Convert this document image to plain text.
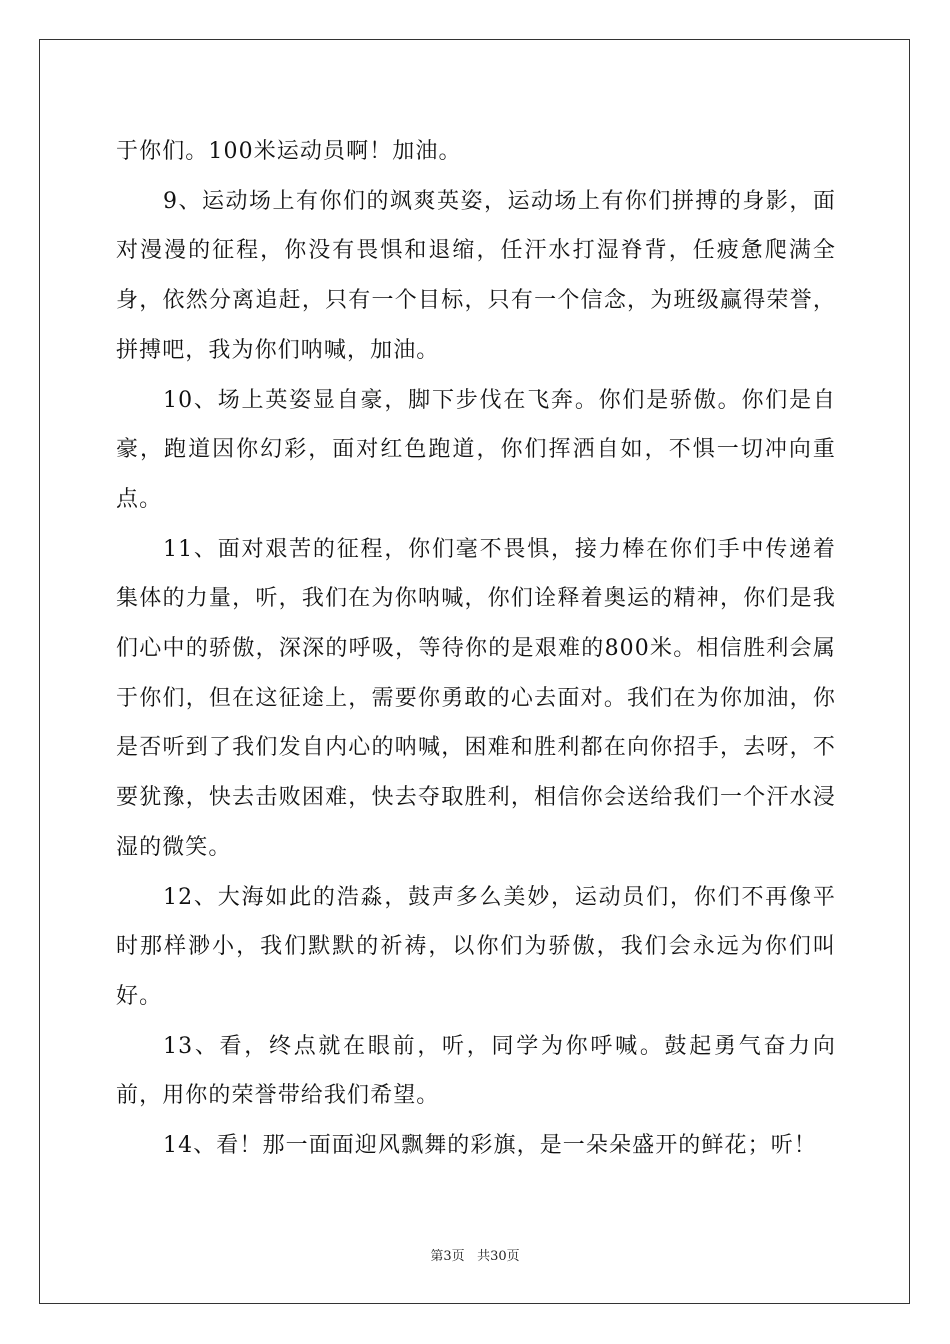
于你们。100米运动员啊！加油。

9、运动场上有你们的飒爽英姿，运动场上有你们拼搏的身影，面对漫漫的征程，你没有畏惧和退缩，任汗水打湿脊背，任疲惫爬满全身，依然分离追赶，只有一个目标，只有一个信念，为班级赢得荣誉，拼搏吧，我为你们呐喊，加油。

10、场上英姿显自豪，脚下步伐在飞奔。你们是骄傲。你们是自豪，跑道因你幻彩，面对红色跑道，你们挥洒自如，不惧一切冲向重点。

11、面对艰苦的征程，你们毫不畏惧，接力棒在你们手中传递着集体的力量，听，我们在为你呐喊，你们诠释着奥运的精神，你们是我们心中的骄傲，深深的呼吸，等待你的是艰难的800米。相信胜利会属于你们，但在这征途上，需要你勇敢的心去面对。我们在为你加油，你是否听到了我们发自内心的呐喊，困难和胜利都在向你招手，去呀，不要犹豫，快去击败困难，快去夺取胜利，相信你会送给我们一个汗水浸湿的微笑。

12、大海如此的浩淼，鼓声多么美妙，运动员们，你们不再像平时那样渺小，我们默默的祈祷，以你们为骄傲，我们会永远为你们叫好。

13、看，终点就在眼前，听，同学为你呼喊。鼓起勇气奋力向前，用你的荣誉带给我们希望。

14、看！那一面面迎风飘舞的彩旗，是一朵朵盛开的鲜花；听！

第3页 共30页
